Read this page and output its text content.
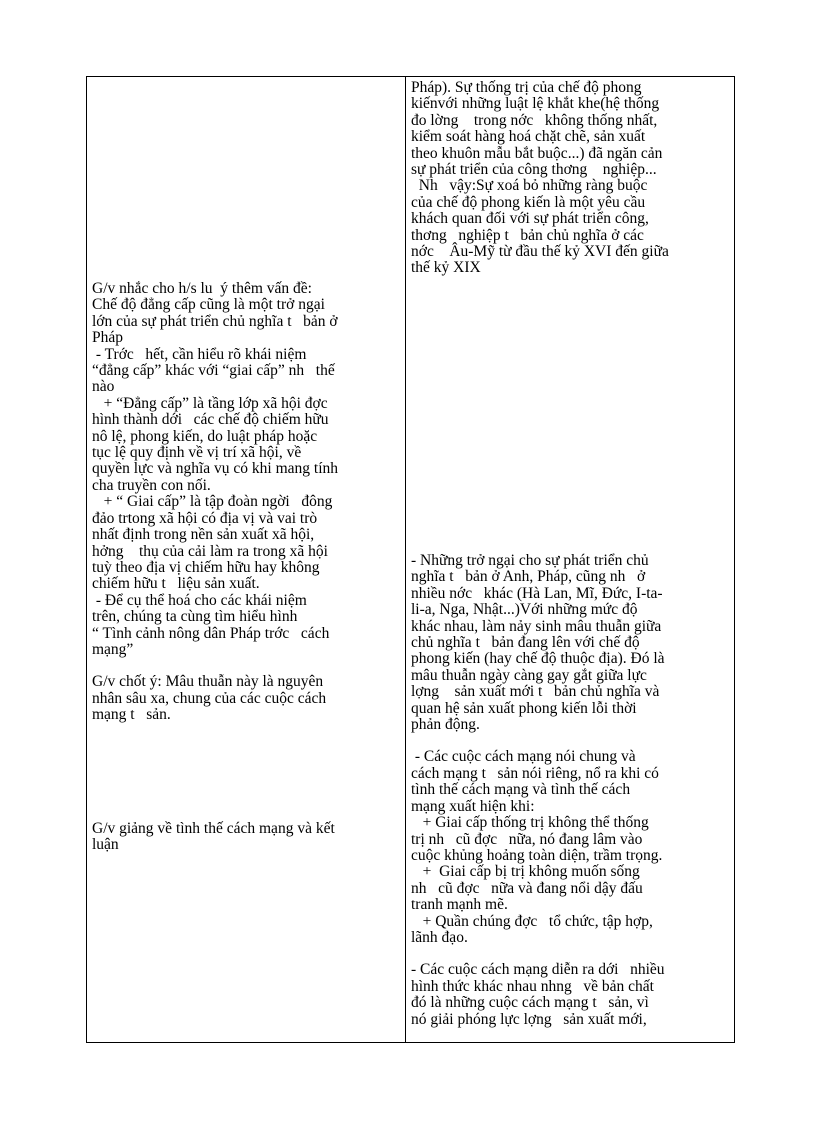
G/v nhắc cho h/s lu  ý thêm vấn đề:
Chế độ đẳng cấp cũng là một trở ngại
lớn của sự phát triển chủ nghĩa t   bản ở
Pháp
- Trớc   hết, cần hiểu rõ khái niệm
“đẳng cấp” khác với “giai cấp” nh   thế
nào
+ “Đẳng cấp” là tầng lớp xã hội đợc
hình thành dới   các chế độ chiếm hữu
nô lệ, phong kiến, do luật pháp hoặc
tục lệ quy định về vị trí xã hội, về
quyền lực và nghĩa vụ có khi mang tính
cha truyền con nối.
+ “ Giai cấp” là tập đoàn ngời   đông
đảo trtong xã hội có địa vị và vai trò
nhất định trong nền sản xuất xã hội,
hởng    thụ của cải làm ra trong xã hội
tuỳ theo địa vị chiếm hữu hay không
chiếm hữu t   liệu sản xuất.
- Để cụ thể hoá cho các khái niệm
trên, chúng ta cùng tìm hiểu hình
“ Tình cảnh nông dân Pháp trớc   cách
mạng”
G/v chốt ý: Mâu thuẫn này là nguyên
nhân sâu xa, chung của các cuộc cách
mạng t   sản.
G/v giảng về tình thế cách mạng và kết
luận
Pháp). Sự thống trị của chế độ phong
kiếnvới những luật lệ khắt khe(hệ thống
đo lờng    trong nớc   không thống nhất,
kiểm soát hàng hoá chặt chẽ, sản xuất
theo khuôn mẫu bắt buộc...) đã ngăn cản
sự phát triển của công thơng    nghiệp...
Nh   vậy:Sự xoá bỏ những ràng buộc
của chế độ phong kiến là một yêu cầu
khách quan đối với sự phát triển công,
thơng   nghiệp t   bản chủ nghĩa ở các
nớc    Âu-Mỹ từ đầu thế kỷ XVI đến giữa
thế kỷ XIX
- Những trở ngại cho sự phát triển chủ
nghĩa t   bản ở Anh, Pháp, cũng nh   ở
nhiều nớc   khác (Hà Lan, Mĩ, Đức, I-ta-
li-a, Nga, Nhật...)Với những mức độ
khác nhau, làm nảy sinh mâu thuẫn giữa
chủ nghĩa t   bản đang lên với chế độ
phong kiến (hay chế độ thuộc địa). Đó là
mâu thuẫn ngày càng gay gắt giữa lực
lợng    sản xuất mới t   bản chủ nghĩa và
quan hệ sản xuất phong kiến lỗi thời
phản động.
- Các cuộc cách mạng nói chung và
cách mạng t   sản nói riêng, nổ ra khi có
tình thế cách mạng và tình thế cách
mạng xuất hiện khi:
+ Giai cấp thống trị không thể thống
trị nh   cũ đợc   nữa, nó đang lâm vào
cuộc khủng hoảng toàn diện, trầm trọng.
+  Giai cấp bị trị không muốn sống
nh   cũ đợc   nữa và đang nổi dậy đấu
tranh mạnh mẽ.
+ Quần chúng đợc   tổ chức, tập hợp,
lãnh đạo.
- Các cuộc cách mạng diễn ra dới   nhiều
hình thức khác nhau nhng   về bản chất
đó là những cuộc cách mạng t   sản, vì
nó giải phóng lực lợng   sản xuất mới,
